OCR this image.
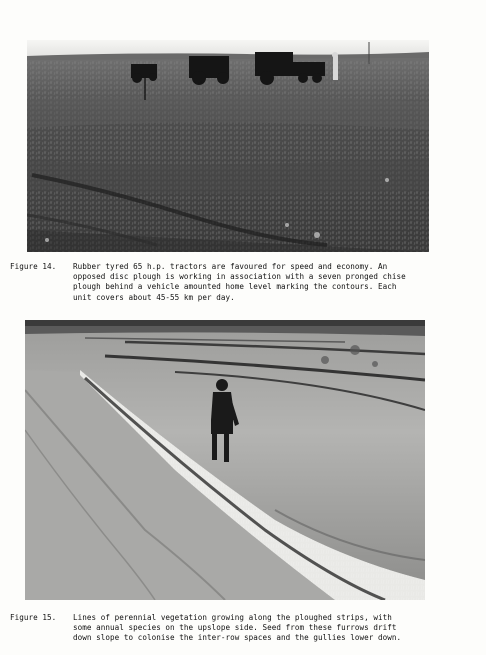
Figure 14.	Rubber tyred 65 h.p. tractors are favoured for speed and economy. An
opposed disc plough is working in association with a seven pronged chise
plough behind a vehicle amounted home level marking the contours. Each
unit covers about 45-55 km per day.
Figure 15.	Lines of perennial vegetation growing along the ploughed strips, with
some annual species on the upslope side. Seed from these furrows drift
down slope to colonise the inter-row spaces and the gullies lower down.
